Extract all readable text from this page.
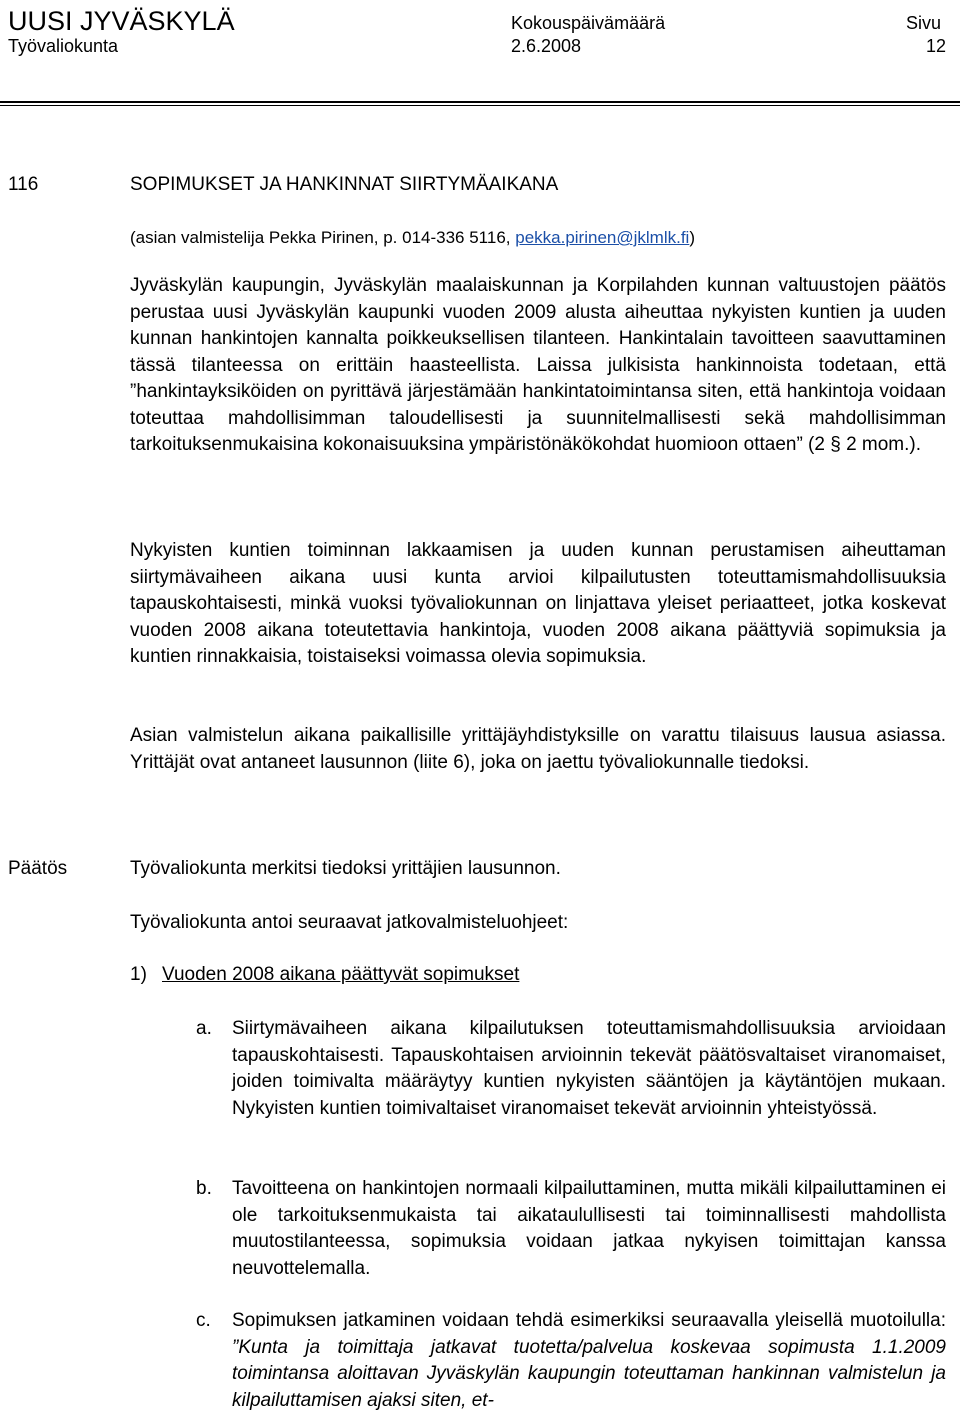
UUSI JYVÄSKYLÄ
Työvaliokunta
Kokouspäivämäärä
2.6.2008
Sivu
12
116	SOPIMUKSET JA HANKINNAT SIIRTYMÄAIKANA
(asian valmistelija Pekka Pirinen, p. 014-336 5116, pekka.pirinen@jklmlk.fi)
Jyväskylän kaupungin, Jyväskylän maalaiskunnan ja Korpilahden kunnan valtuustojen päätös perustaa uusi Jyväskylän kaupunki vuoden 2009 alusta aiheuttaa nykyisten kuntien ja uuden kunnan hankintojen kannalta poikkeuksellisen tilanteen. Hankintalain tavoitteen saavuttaminen tässä tilanteessa on erittäin haasteellista. Laissa julkisista hankinnoista todetaan, että ”hankintayksiköiden on pyrittävä järjestämään hankintatoimintansa siten, että hankintoja voidaan toteuttaa mahdollisimman taloudellisesti ja suunnitelmallisesti sekä mahdollisimman tarkoituksenmukaisina kokonaisuuksina ympäristönäkökohdat huomioon ottaen” (2 § 2 mom.).
Nykyisten kuntien toiminnan lakkaamisen ja uuden kunnan perustamisen aiheuttaman siirtymävaiheen aikana uusi kunta arvioi kilpailutusten toteuttamismahdollisuuksia tapauskohtaisesti, minkä vuoksi työvaliokunnan on linjattava yleiset periaatteet, jotka koskevat vuoden 2008 aikana toteutettavia hankintoja, vuoden 2008 aikana päättyviä sopimuksia ja kuntien rinnakkaisia, toistaiseksi voimassa olevia sopimuksia.
Asian valmistelun aikana paikallisille yrittäjäyhdistyksille on varattu tilaisuus lausua asiassa. Yrittäjät ovat antaneet lausunnon (liite 6), joka on jaettu työvaliokunnalle tiedoksi.
Päätös	Työvaliokunta merkitsi tiedoksi yrittäjien lausunnon.
Työvaliokunta antoi seuraavat jatkovalmisteluohjeet:
1) Vuoden 2008 aikana päättyvät sopimukset
a. Siirtymävaiheen aikana kilpailutuksen toteuttamismahdollisuuksia arvioidaan tapauskohtaisesti. Tapauskohtaisen arvioinnin tekevät päätösvaltaiset viranomaiset, joiden toimivalta määräytyy kuntien nykyisten sääntöjen ja käytäntöjen mukaan. Nykyisten kuntien toimivaltaiset viranomaiset tekevät arvioinnin yhteistyössä.
b. Tavoitteena on hankintojen normaali kilpailuttaminen, mutta mikäli kilpailuttaminen ei ole tarkoituksenmukaista tai aikataulullisesti tai toiminnallisesti mahdollista muutostilanteessa, sopimuksia voidaan jatkaa nykyisen toimittajan kanssa neuvottelemalla.
c. Sopimuksen jatkaminen voidaan tehdä esimerkiksi seuraavalla yleisellä muotoilulla: ”Kunta ja toimittaja jatkavat tuotetta/palvelua koskevaa sopimusta 1.1.2009 toimintansa aloittavan Jyväskylän kaupungin toteuttaman hankinnan valmistelun ja kilpailuttamisen ajaksi siten, et-
